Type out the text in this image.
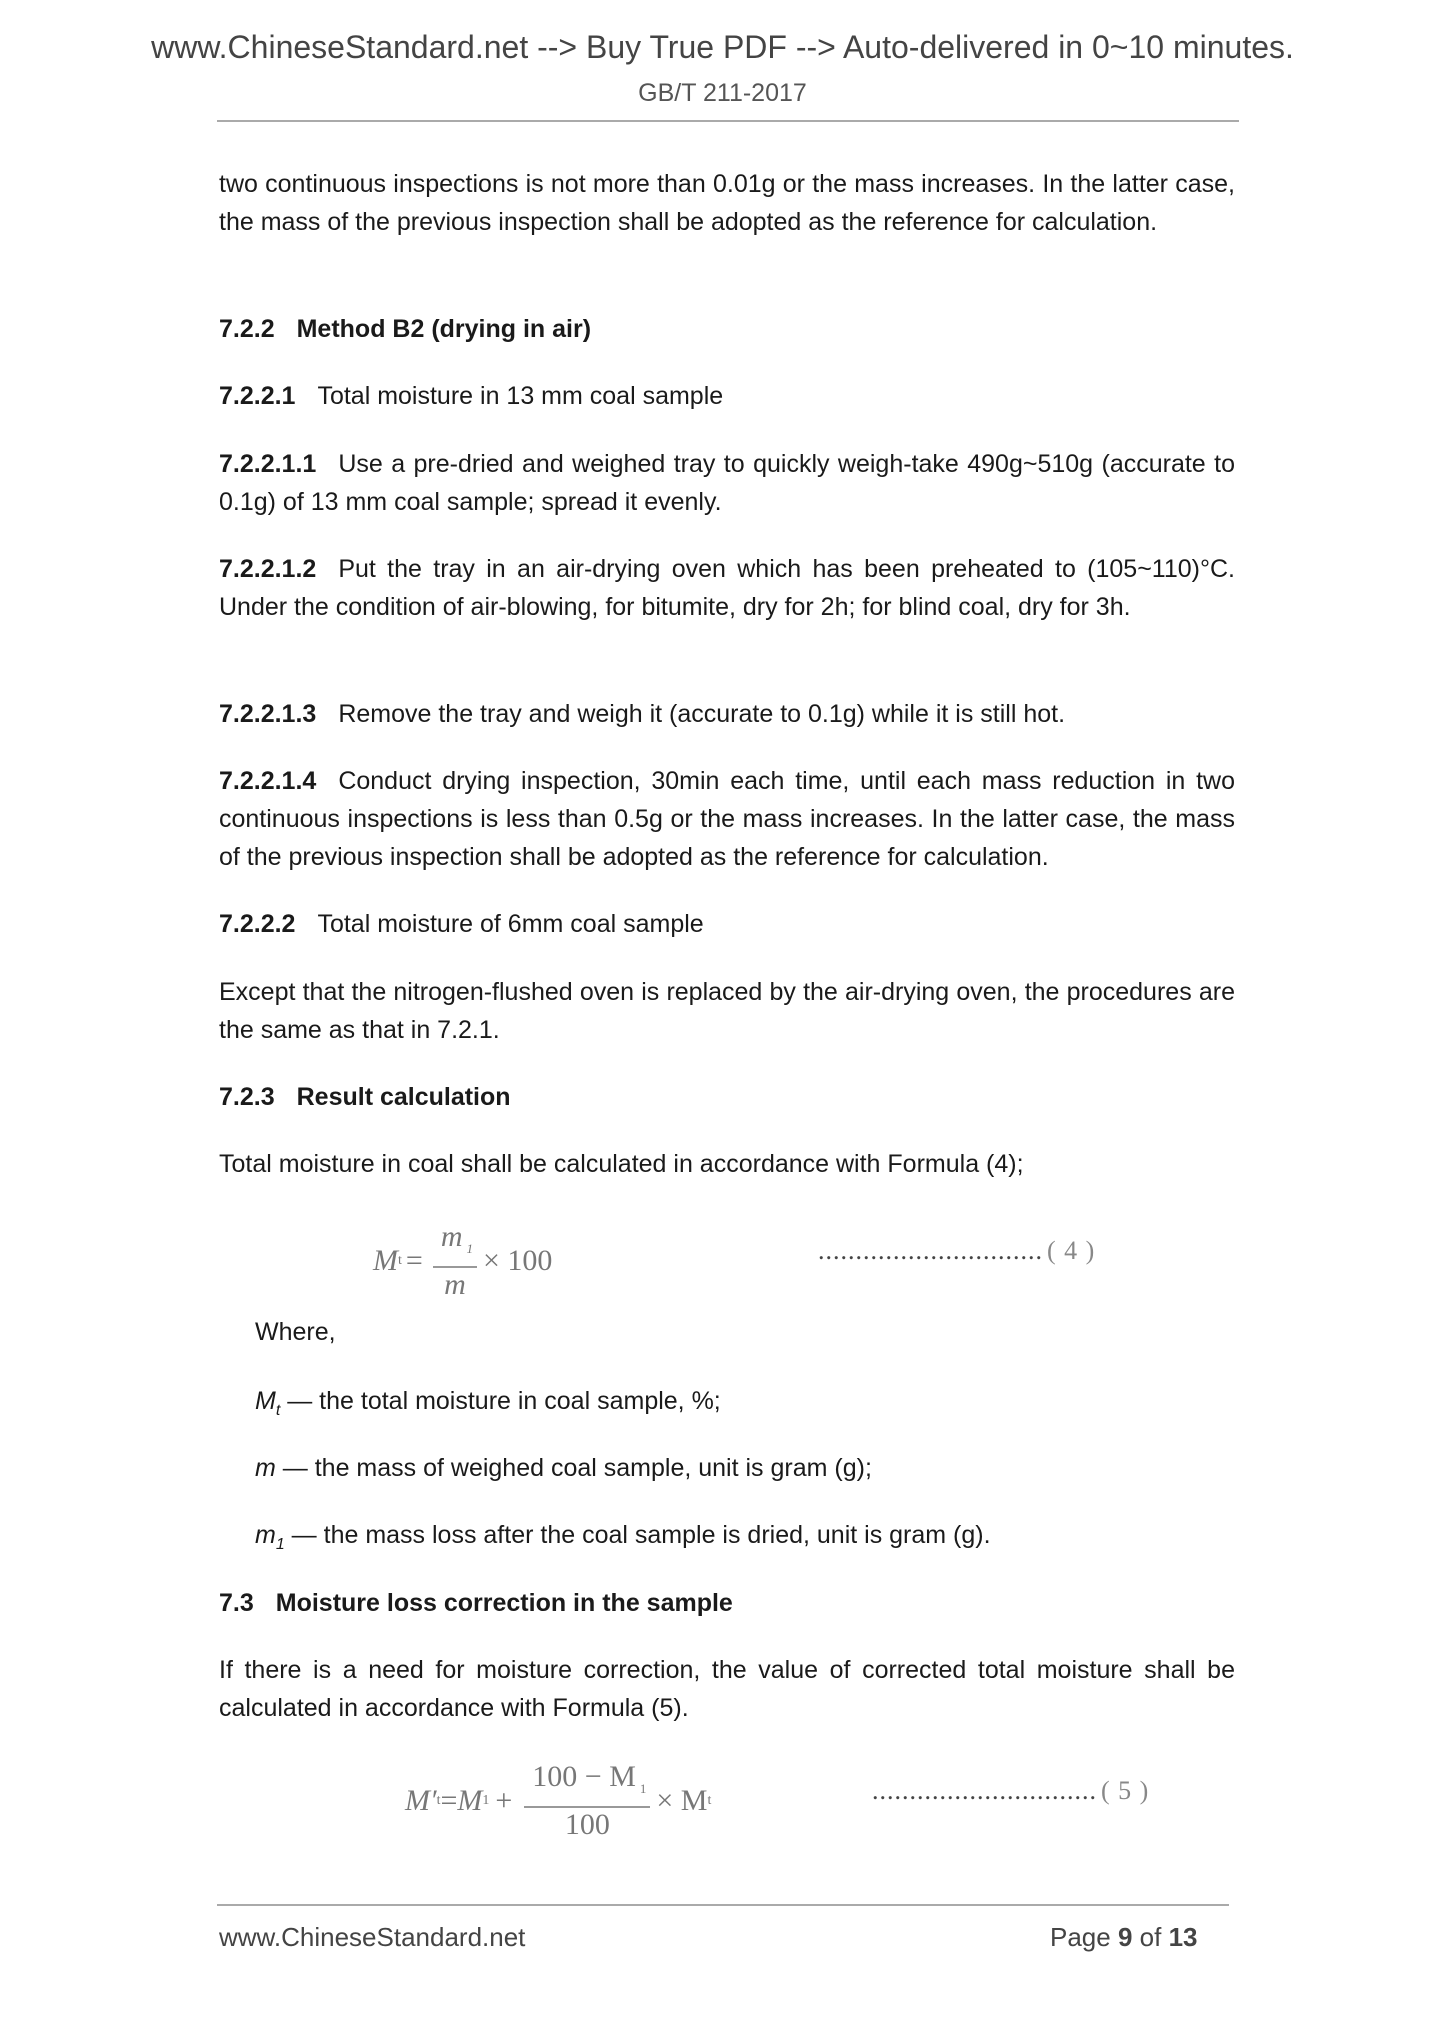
www.ChineseStandard.net --> Buy True PDF --> Auto-delivered in 0~10 minutes.
GB/T 211-2017
two continuous inspections is not more than 0.01g or the mass increases. In the latter case, the mass of the previous inspection shall be adopted as the reference for calculation.
7.2.2 Method B2 (drying in air)
7.2.2.1 Total moisture in 13 mm coal sample
7.2.2.1.1 Use a pre-dried and weighed tray to quickly weigh-take 490g~510g (accurate to 0.1g) of 13 mm coal sample; spread it evenly.
7.2.2.1.2 Put the tray in an air-drying oven which has been preheated to (105~110)°C. Under the condition of air-blowing, for bitumite, dry for 2h; for blind coal, dry for 3h.
7.2.2.1.3 Remove the tray and weigh it (accurate to 0.1g) while it is still hot.
7.2.2.1.4 Conduct drying inspection, 30min each time, until each mass reduction in two continuous inspections is less than 0.5g or the mass increases. In the latter case, the mass of the previous inspection shall be adopted as the reference for calculation.
7.2.2.2 Total moisture of 6mm coal sample
Except that the nitrogen-flushed oven is replaced by the air-drying oven, the procedures are the same as that in 7.2.1.
7.2.3 Result calculation
Total moisture in coal shall be calculated in accordance with Formula (4);
M $t = \frac{m _1}{m} \times 100$	.............................. ( 4 )
Where,
$M_t$ — the total moisture in coal sample, %;
m — the mass of weighed coal sample, unit is gram (g);
$m_1$ — the mass loss after the coal sample is dried, unit is gram (g).
7.3 Moisture loss correction in the sample
If there is a need for moisture correction, the value of corrected total moisture shall be calculated in accordance with Formula (5).
M′ t = M $1 + \frac{100 - M _1}{100} \times M$ t	.............................. ( 5 )
www.ChineseStandard.net	Page 9 of 13
